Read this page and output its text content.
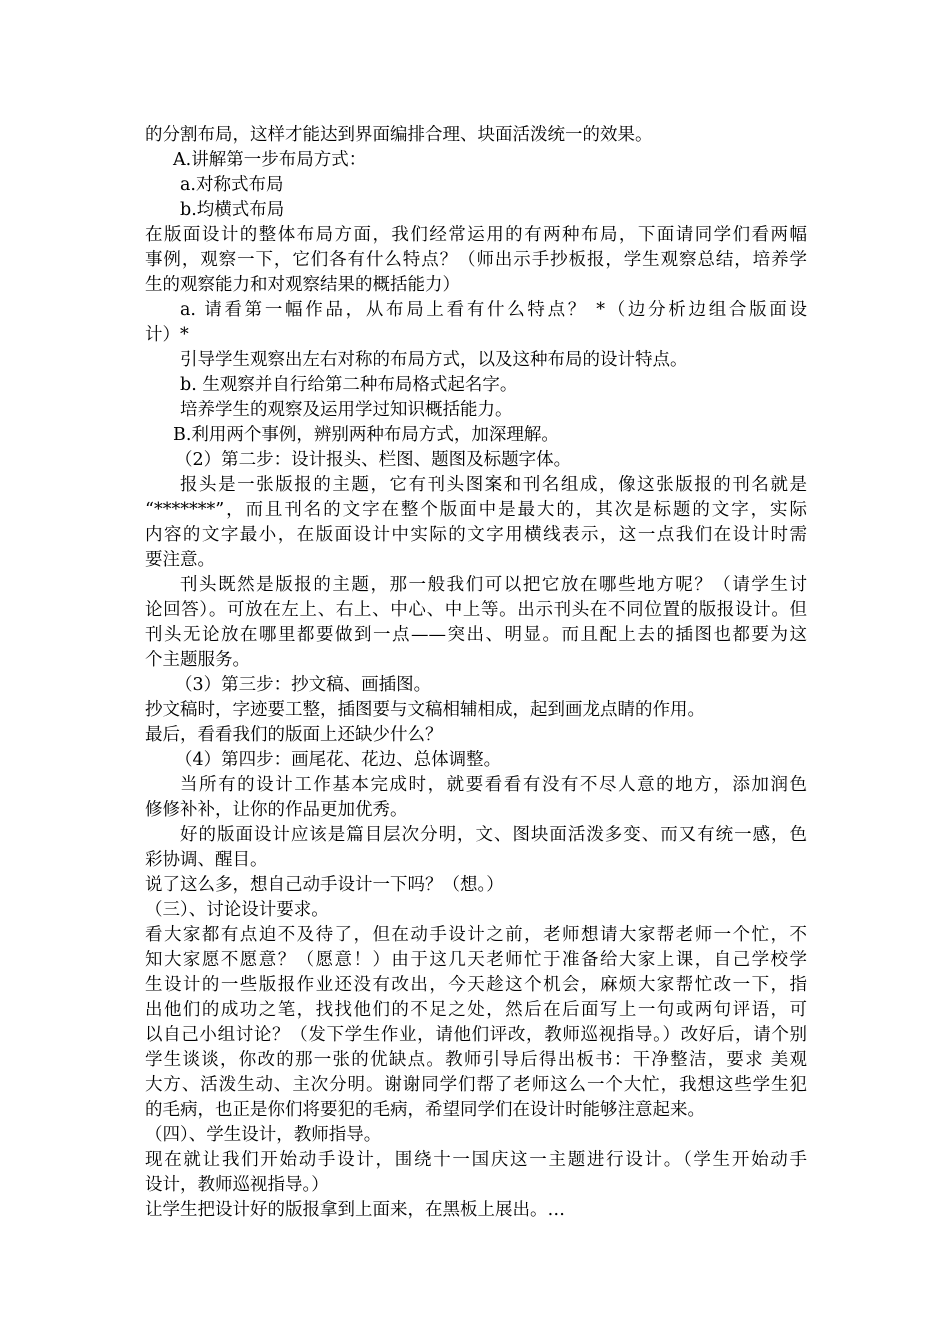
的分割布局，这样才能达到界面编排合理、块面活泼统一的效果。
A.讲解第一步布局方式：
a.对称式布局
b.均横式布局
在版面设计的整体布局方面，我们经常运用的有两种布局，下面请同学们看两幅
事例，观察一下，它们各有什么特点？（师出示手抄板报，学生观察总结，培养学
生的观察能力和对观察结果的概括能力）
a. 请看第一幅作品，从布局上看有什么特点？ *（边分析边组合版面设
计）*
引导学生观察出左右对称的布局方式，以及这种布局的设计特点。
b. 生观察并自行给第二种布局格式起名字。
培养学生的观察及运用学过知识概括能力。
B.利用两个事例，辨别两种布局方式，加深理解。
（2）第二步：设计报头、栏图、题图及标题字体。
报头是一张版报的主题，它有刊头图案和刊名组成，像这张版报的刊名就是
“*******”，而且刊名的文字在整个版面中是最大的，其次是标题的文字，实际
内容的文字最小，在版面设计中实际的文字用横线表示，这一点我们在设计时需
要注意。
刊头既然是版报的主题，那一般我们可以把它放在哪些地方呢？（请学生讨
论回答）。可放在左上、右上、中心、中上等。出示刊头在不同位置的版报设计。但
刊头无论放在哪里都要做到一点——突出、明显。而且配上去的插图也都要为这
个主题服务。
（3）第三步：抄文稿、画插图。
抄文稿时，字迹要工整，插图要与文稿相辅相成，起到画龙点睛的作用。
最后，看看我们的版面上还缺少什么？
（4）第四步：画尾花、花边、总体调整。
当所有的设计工作基本完成时，就要看看有没有不尽人意的地方，添加润色
修修补补，让你的作品更加优秀。
好的版面设计应该是篇目层次分明，文、图块面活泼多变、而又有统一感，色
彩协调、醒目。
说了这么多，想自己动手设计一下吗？（想。）
（三）、讨论设计要求。
看大家都有点迫不及待了，但在动手设计之前，老师想请大家帮老师一个忙，不
知大家愿不愿意？（愿意！）由于这几天老师忙于准备给大家上课，自己学校学
生设计的一些版报作业还没有改出，今天趁这个机会，麻烦大家帮忙改一下，指
出他们的成功之笔，找找他们的不足之处，然后在后面写上一句或两句评语，可
以自己小组讨论？（发下学生作业，请他们评改，教师巡视指导。）改好后，请个别
学生谈谈，你改的那一张的优缺点。教师引导后得出板书：干净整洁，要求 美观
大方、活泼生动、主次分明。谢谢同学们帮了老师这么一个大忙，我想这些学生犯
的毛病，也正是你们将要犯的毛病，希望同学们在设计时能够注意起来。
（四）、学生设计，教师指导。
现在就让我们开始动手设计，围绕十一国庆这一主题进行设计。（学生开始动手
设计，教师巡视指导。）
让学生把设计好的版报拿到上面来，在黑板上展出。…
